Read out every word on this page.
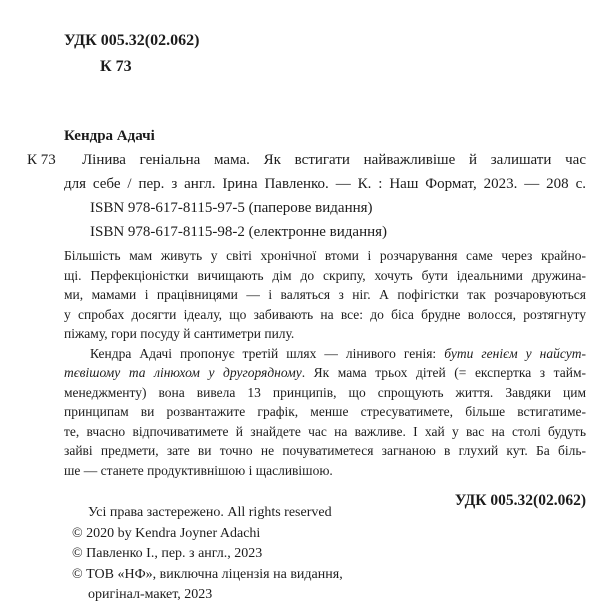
УДК 005.32(02.062)
К 73
К 73
Кендра Адачі
Лінива геніальна мама. Як встигати найважливіше й залишати час
для себе / пер. з англ. Ірина Павленко. — К. : Наш Формат, 2023. — 208 с.
ISBN 978-617-8115-97-5 (паперове видання)
ISBN 978-617-8115-98-2 (електронне видання)
Більшість мам живуть у світі хронічної втоми і розчарування саме через крайно-
щі. Перфекціоністки вичищають дім до скрипу, хочуть бути ідеальними дружина-
ми, мамами і працівницями — і валяться з ніг. А пофігістки так розчаровуються
у спробах досягти ідеалу, що забивають на все: до біса брудне волосся, розтягнуту
піжаму, гори посуду й сантиметри пилу.
Кендра Адачі пропонує третій шлях — лінивого генія: бути генієм у найсут-
тєвішому та лінюхом у другорядному. Як мама трьох дітей (= експертка з тайм-
менеджменту) вона вивела 13 принципів, що спрощують життя. Завдяки цим
принципам ви розвантажите графік, менше стресуватимете, більше встигатиме-
те, вчасно відпочиватимете й знайдете час на важливе. І хай у вас на столі будуть
зайві предмети, зате ви точно не почуватиметеся загнаною в глухий кут. Ба біль-
ше — станете продуктивнішою і щасливішою.
УДК 005.32(02.062)
Усі права застережено. All rights reserved
© 2020 by Kendra Joyner Adachi
© Павленко І., пер. з англ., 2023
© ТОВ «НФ», виключна ліцензія на видання,
оригінал-макет, 2023
